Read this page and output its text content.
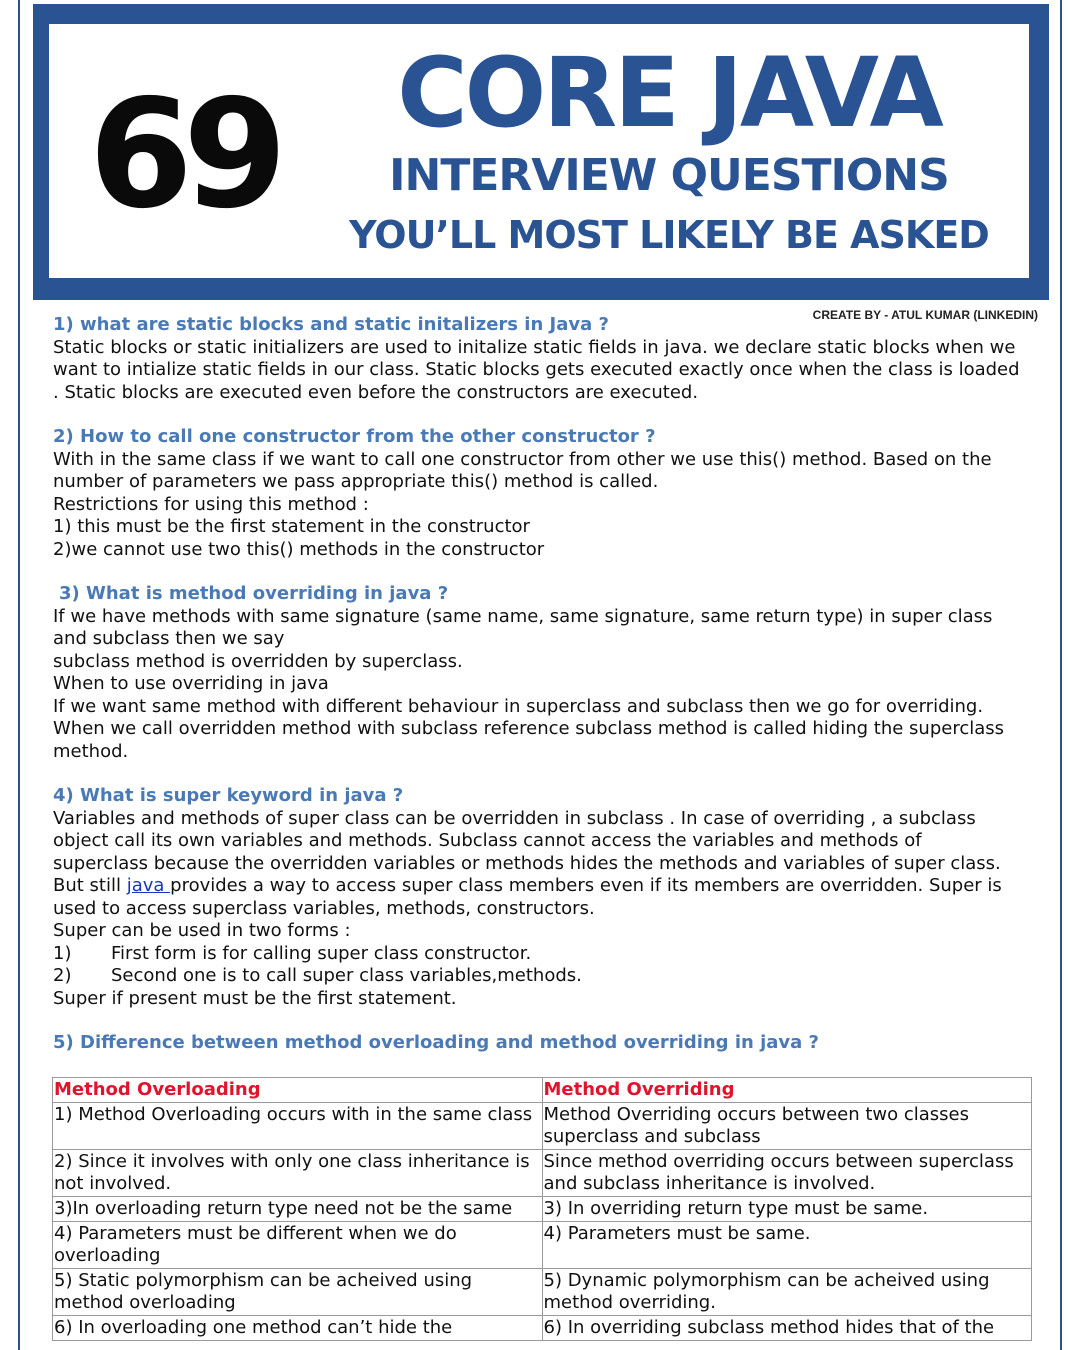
69	CORE JAVA
INTERVIEW QUESTIONS
YOU’LL MOST LIKELY BE ASKED
CREATE BY - ATUL KUMAR (LINKEDIN)
1) what are static blocks and static initalizers in Java ?
Static blocks or static initializers are used to initalize static fields in java. we declare static blocks when we
want to intialize static fields in our class. Static blocks gets executed exactly once when the class is loaded
. Static blocks are executed even before the constructors are executed.
2) How to call one constructor from the other constructor ?
With in the same class if we want to call one constructor from other we use this() method. Based on the
number of parameters we pass appropriate this() method is called.
Restrictions for using this method :
1) this must be the first statement in the constructor
2)we cannot use two this() methods in the constructor
3) What is method overriding in java ?
If we have methods with same signature (same name, same signature, same return type) in super class
and subclass then we say
subclass method is overridden by superclass.
When to use overriding in java
If we want same method with different behaviour in superclass and subclass then we go for overriding.
When we call overridden method with subclass reference subclass method is called hiding the superclass
method.
4) What is super keyword in java ?
Variables and methods of super class can be overridden in subclass . In case of overriding , a subclass
object call its own variables and methods. Subclass cannot access the variables and methods of
superclass because the overridden variables or methods hides the methods and variables of super class.
But still java provides a way to access super class members even if its members are overridden. Super is
used to access superclass variables, methods, constructors.
Super can be used in two forms :
1) First form is for calling super class constructor.
2) Second one is to call super class variables,methods.
Super if present must be the first statement.
5) Difference between method overloading and method overriding in java ?
Method Overloading	Method Overriding
1) Method Overloading occurs with in the same class	Method Overriding occurs between two classes superclass and subclass
2) Since it involves with only one class inheritance is not involved.	Since method overriding occurs between superclass and subclass inheritance is involved.
3)In overloading return type need not be the same	3) In overriding return type must be same.
4) Parameters must be different when we do overloading	4) Parameters must be same.
5) Static polymorphism can be acheived using method overloading	5) Dynamic polymorphism can be acheived using method overriding.
6) In overloading one method can’t hide the	6) In overriding subclass method hides that of the
